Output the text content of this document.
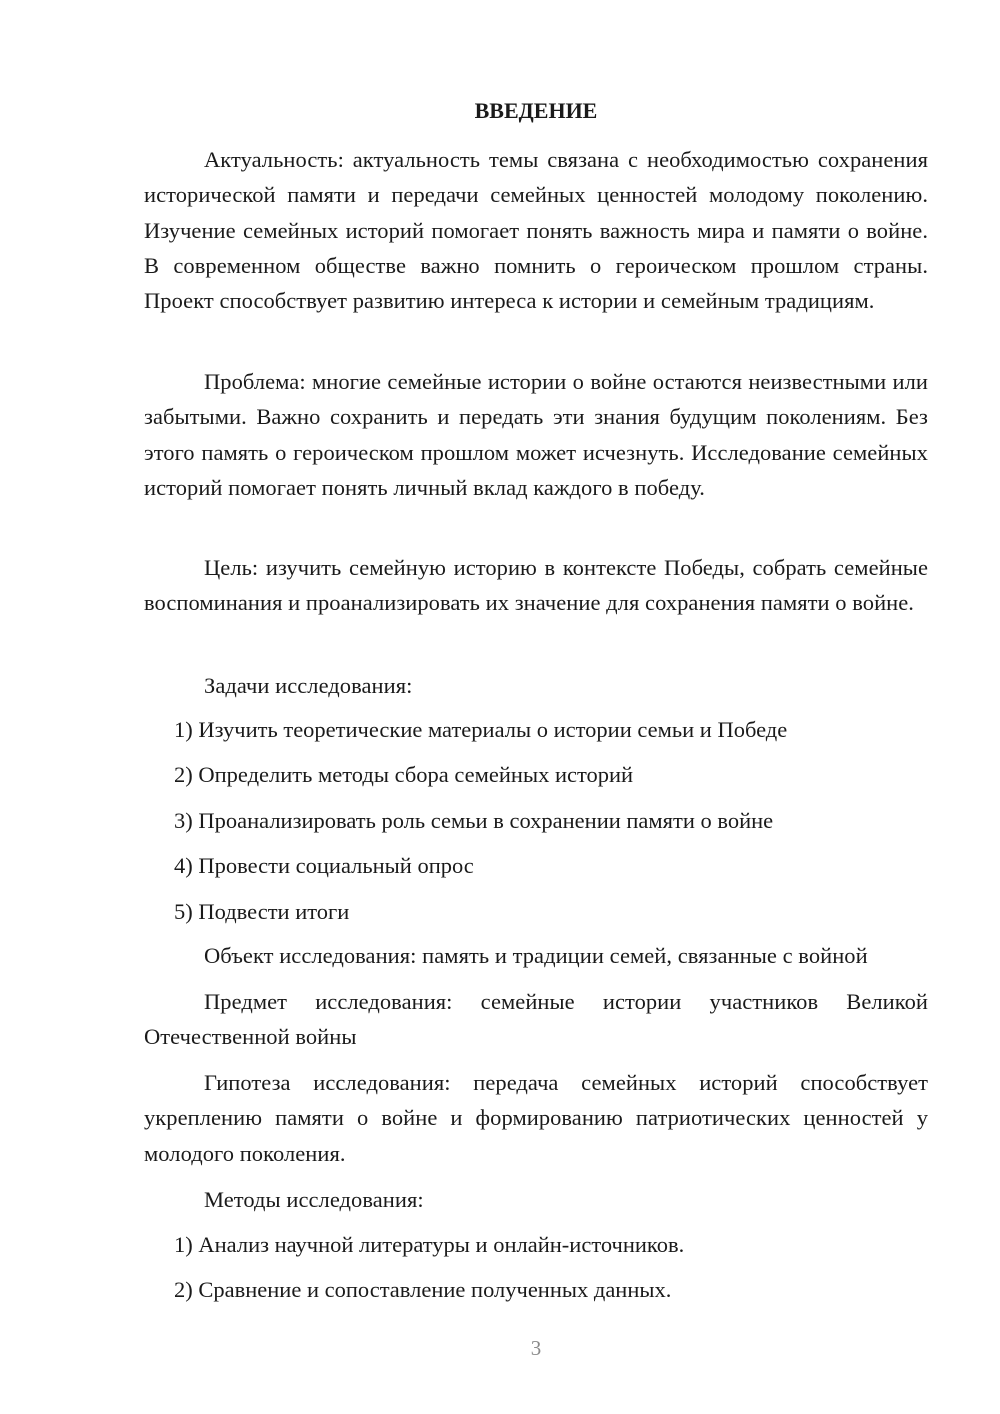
ВВЕДЕНИЕ

Актуальность: актуальность темы связана с необходимостью сохранения исторической памяти и передачи семейных ценностей молодому поколению. Изучение семейных историй помогает понять важность мира и памяти о войне. В современном обществе важно помнить о героическом прошлом страны. Проект способствует развитию интереса к истории и семейным традициям.

Проблема: многие семейные истории о войне остаются неизвестными или забытыми. Важно сохранить и передать эти знания будущим поколениям. Без этого память о героическом прошлом может исчезнуть. Исследование семейных историй помогает понять личный вклад каждого в победу.

Цель: изучить семейную историю в контексте Победы, собрать семейные воспоминания и проанализировать их значение для сохранения памяти о войне.

Задачи исследования:

1) Изучить теоретические материалы о истории семьи и Победе

2) Определить методы сбора семейных историй

3) Проанализировать роль семьи в сохранении памяти о войне

4) Провести социальный опрос

5) Подвести итоги

Объект исследования: память и традиции семей, связанные с войной

Предмет исследования: семейные истории участников Великой Отечественной войны

Гипотеза исследования: передача семейных историй способствует укреплению памяти о войне и формированию патриотических ценностей у молодого поколения.

Методы исследования:

1) Анализ научной литературы и онлайн-источников.

2) Сравнение и сопоставление полученных данных.

3
